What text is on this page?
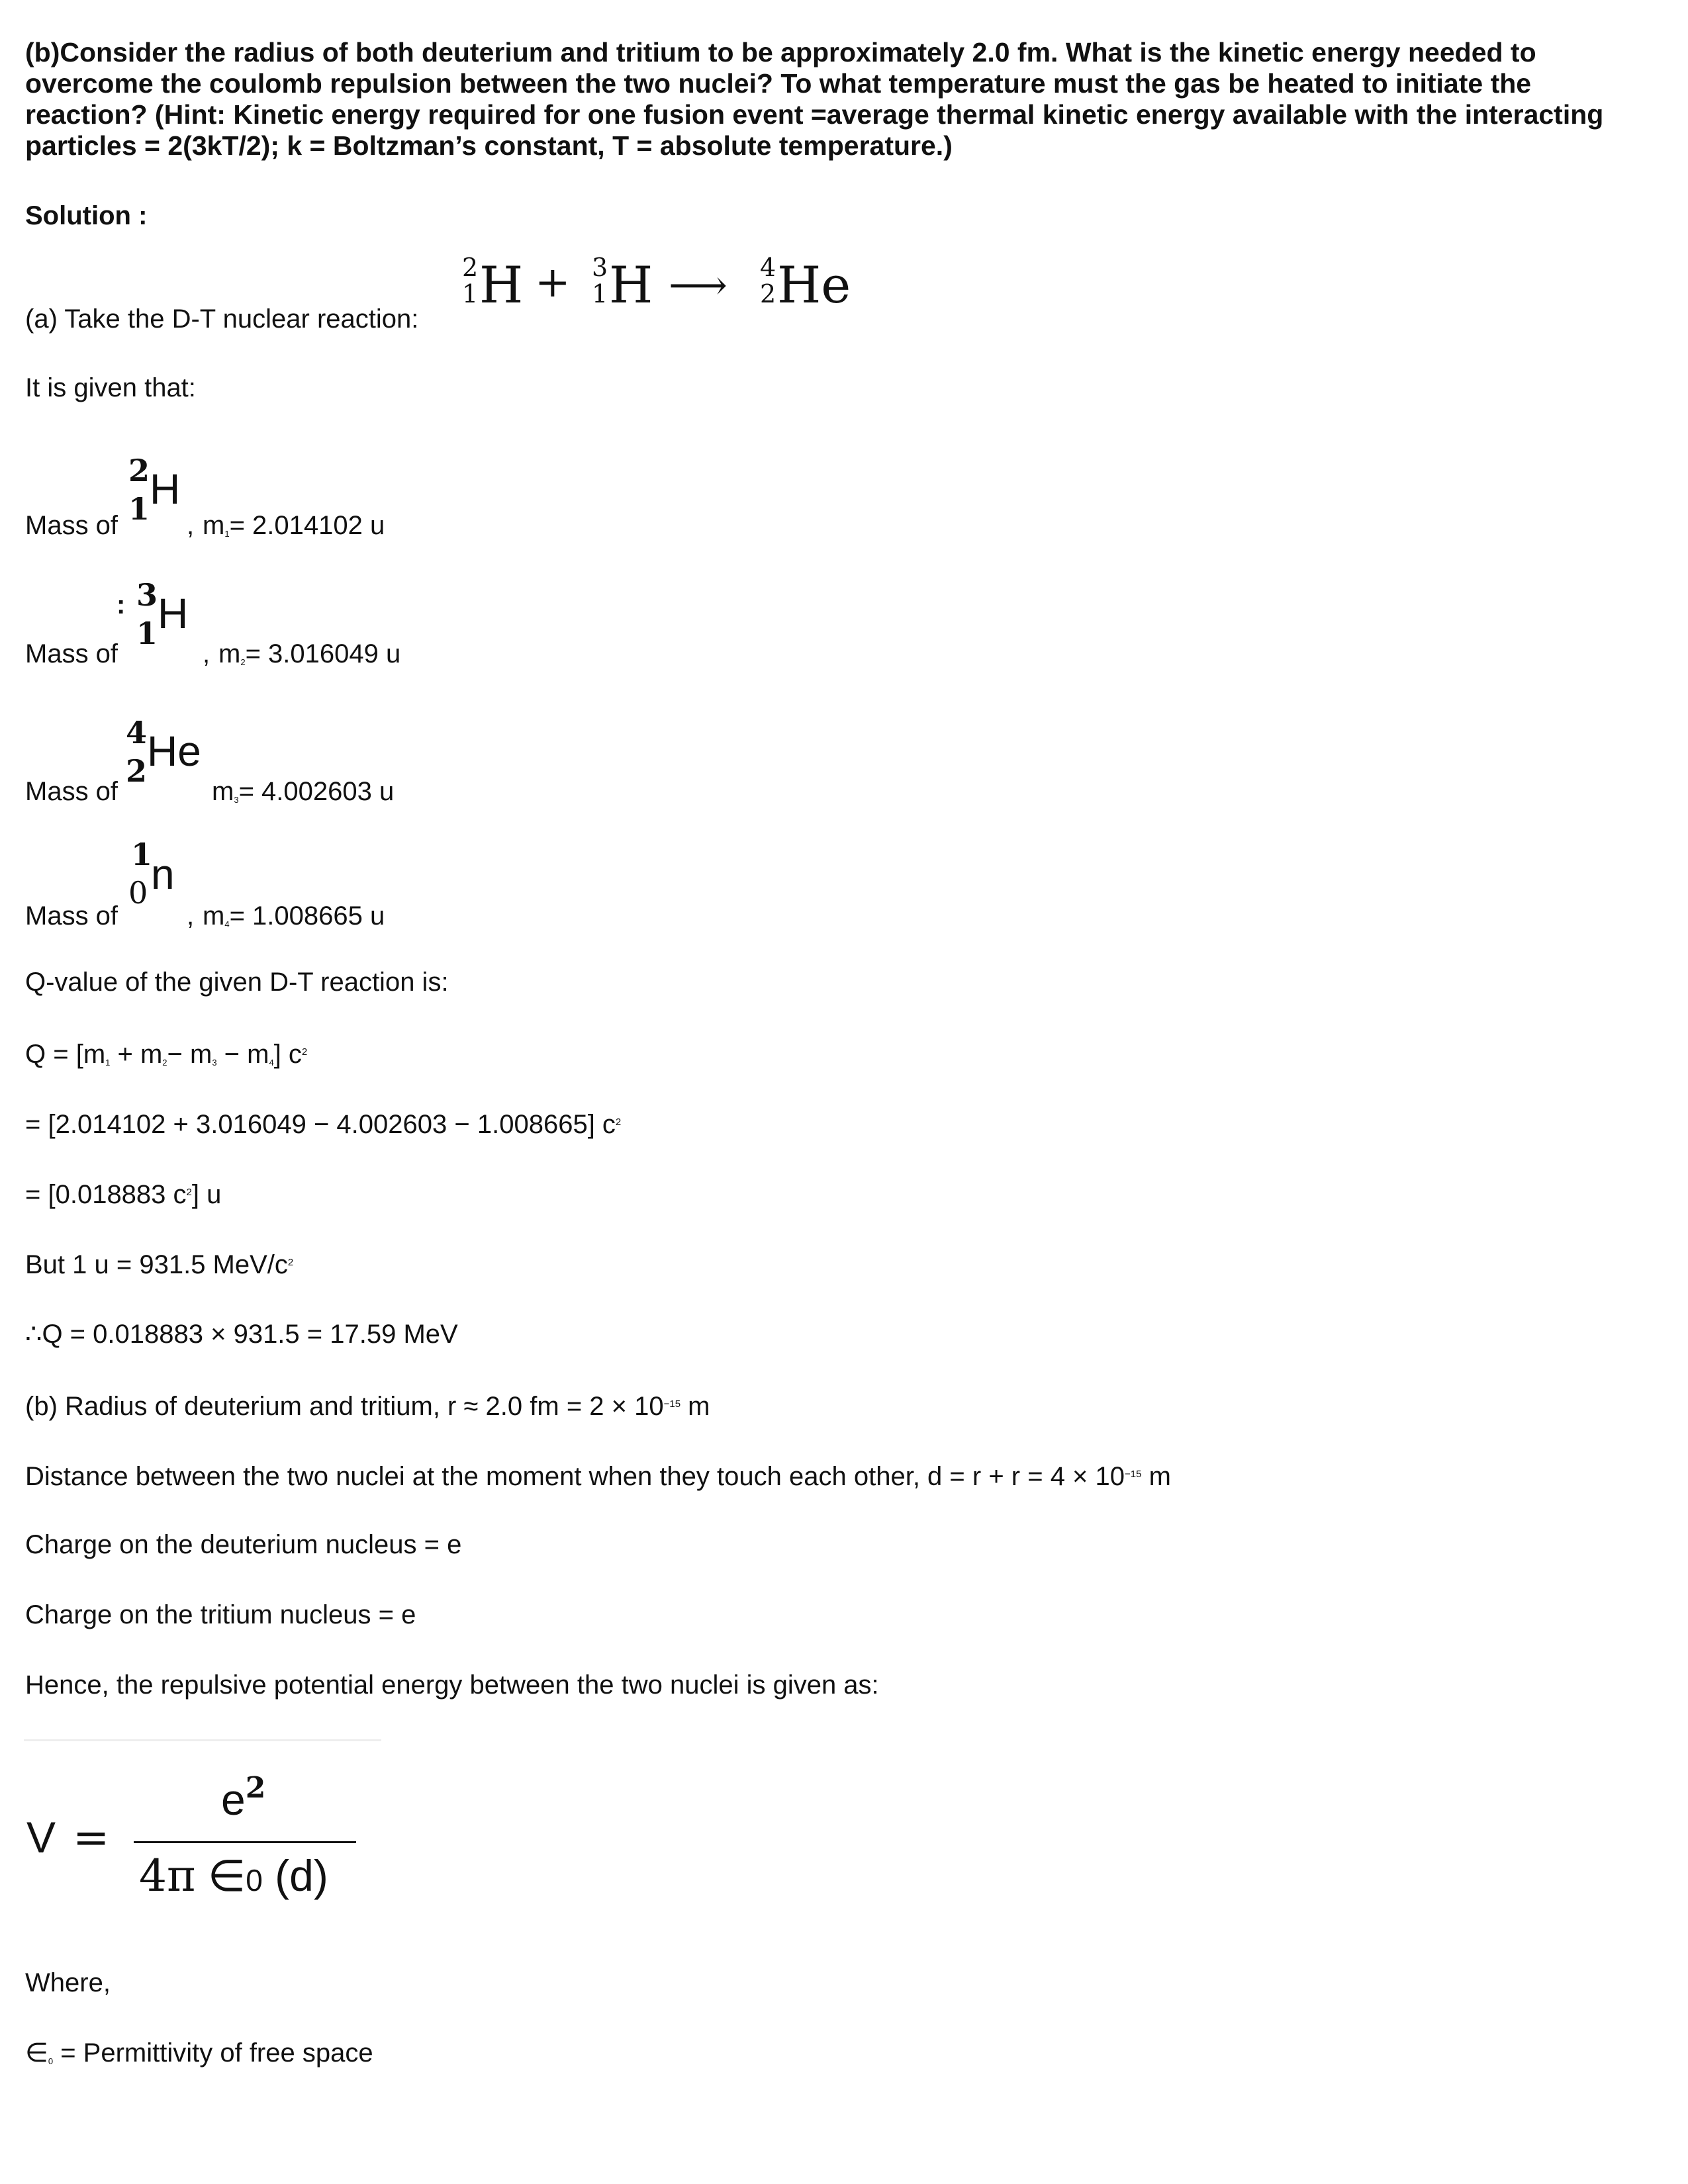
(b)Consider the radius of both deuterium and tritium to be approximately 2.0 fm. What is the kinetic energy needed to overcome the coulomb repulsion between the two nuclei? To what temperature must the gas be heated to initiate the reaction? (Hint: Kinetic energy required for one fusion event =average thermal kinetic energy available with the interacting particles = 2(3kT/2); k = Boltzman’s constant, T = absolute temperature.)
Solution :
2
1 H + 3
1 H ⟶ 4
2 He
(a) Take the D-T nuclear reaction:
It is given that:
Mass of
2
1 H
, $m_1= 2.014102$ u
Mass of
: 3
1 H
, $m_2= 3.016049$ u
Mass of
4
2 He
$m_3= 4.002603$ u
Mass of
1
0 n
, $m_4= 1.008665$ u
Q-value of the given D-T reaction is:
$Q = [m_1 + m_2- m_3 - m_4]$ $c^2$
= [2.014102 + 3.016049 − 4.002603 − 1.008665] $c^2$
= [0.018883 $c^2$] u
But 1 u = 931.5 MeV/$c^2$
∴Q = 0.018883 × 931.5 = 17.59 MeV
(b) Radius of deuterium and tritium, r ≈ 2.0 fm = $2 \times 10^{-15}$ m
Distance between the two nuclei at the moment when they touch each other, $d = r + r = 4 \times 10^{-15}$ m
Charge on the deuterium nucleus = e
Charge on the tritium nucleus = e
Hence, the repulsive potential energy between the two nuclei is given as:
V =
$e^2$
4π ∈0 (d)
Where,
$\in_0$ = Permittivity of free space
